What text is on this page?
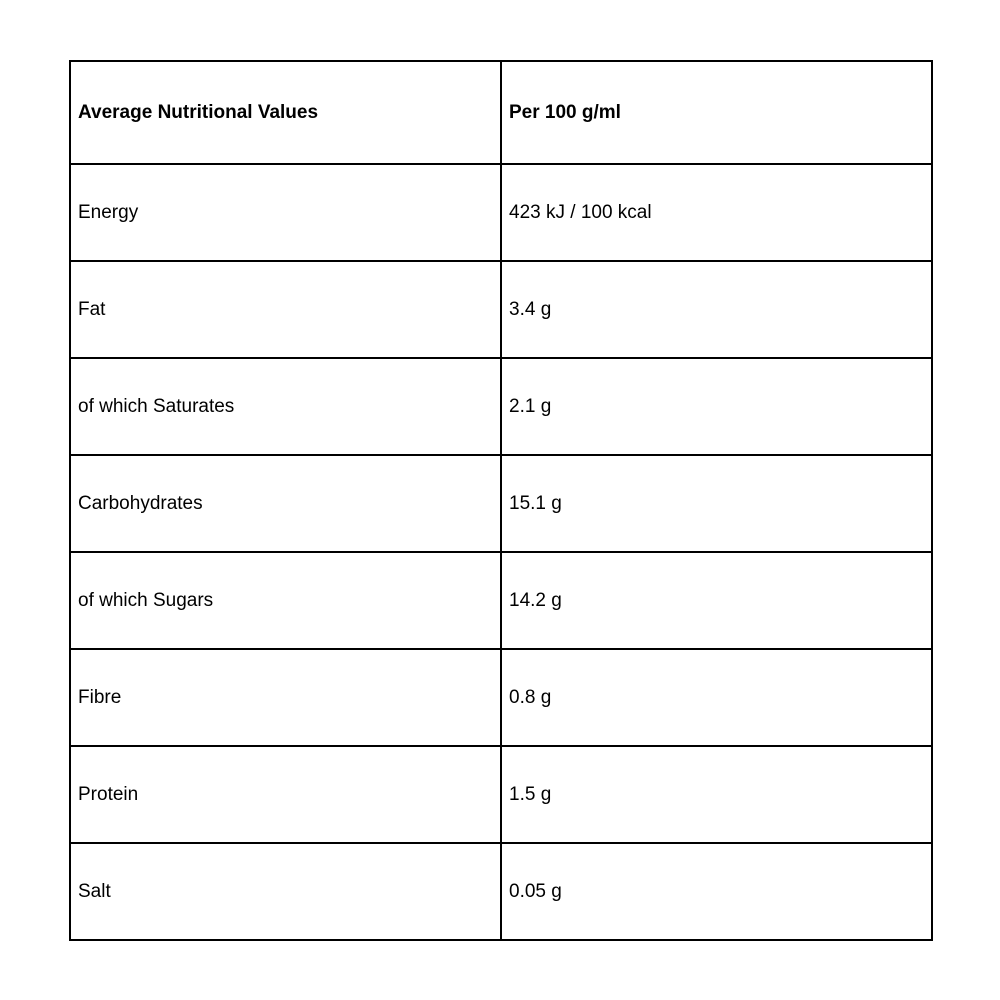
Average Nutritional Values	Per 100 g/ml
Energy	423 kJ / 100 kcal
Fat	3.4 g
of which Saturates	2.1 g
Carbohydrates	15.1 g
of which Sugars	14.2 g
Fibre	0.8 g
Protein	1.5 g
Salt	0.05 g
